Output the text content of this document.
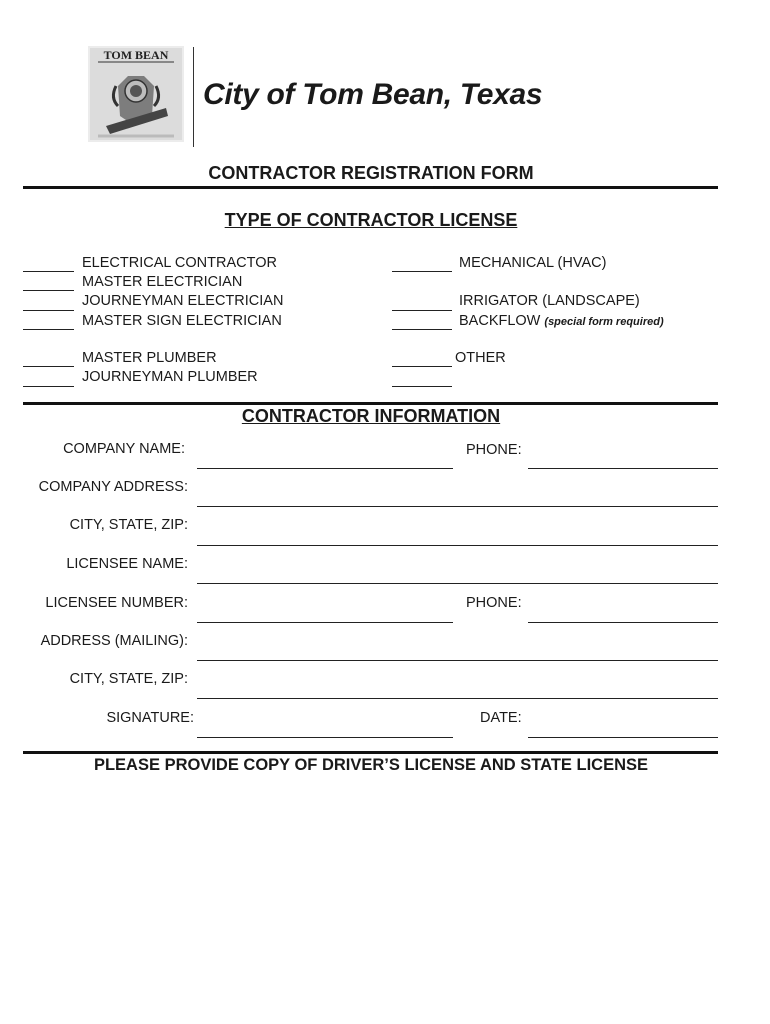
TOM BEAN
City of Tom Bean, Texas
CONTRACTOR REGISTRATION FORM
TYPE OF CONTRACTOR LICENSE
ELECTRICAL CONTRACTOR
MASTER ELECTRICIAN
JOURNEYMAN ELECTRICIAN
MASTER SIGN ELECTRICIAN
MASTER PLUMBER
JOURNEYMAN PLUMBER
MECHANICAL (HVAC)
IRRIGATOR (LANDSCAPE)
BACKFLOW (special form required)
OTHER
CONTRACTOR INFORMATION
COMPANY NAME:	PHONE:
COMPANY ADDRESS:
CITY, STATE, ZIP:
LICENSEE NAME:
LICENSEE NUMBER:	PHONE:
ADDRESS (MAILING):
CITY, STATE, ZIP:
SIGNATURE:	DATE:
PLEASE PROVIDE COPY OF DRIVER’S LICENSE AND STATE LICENSE
